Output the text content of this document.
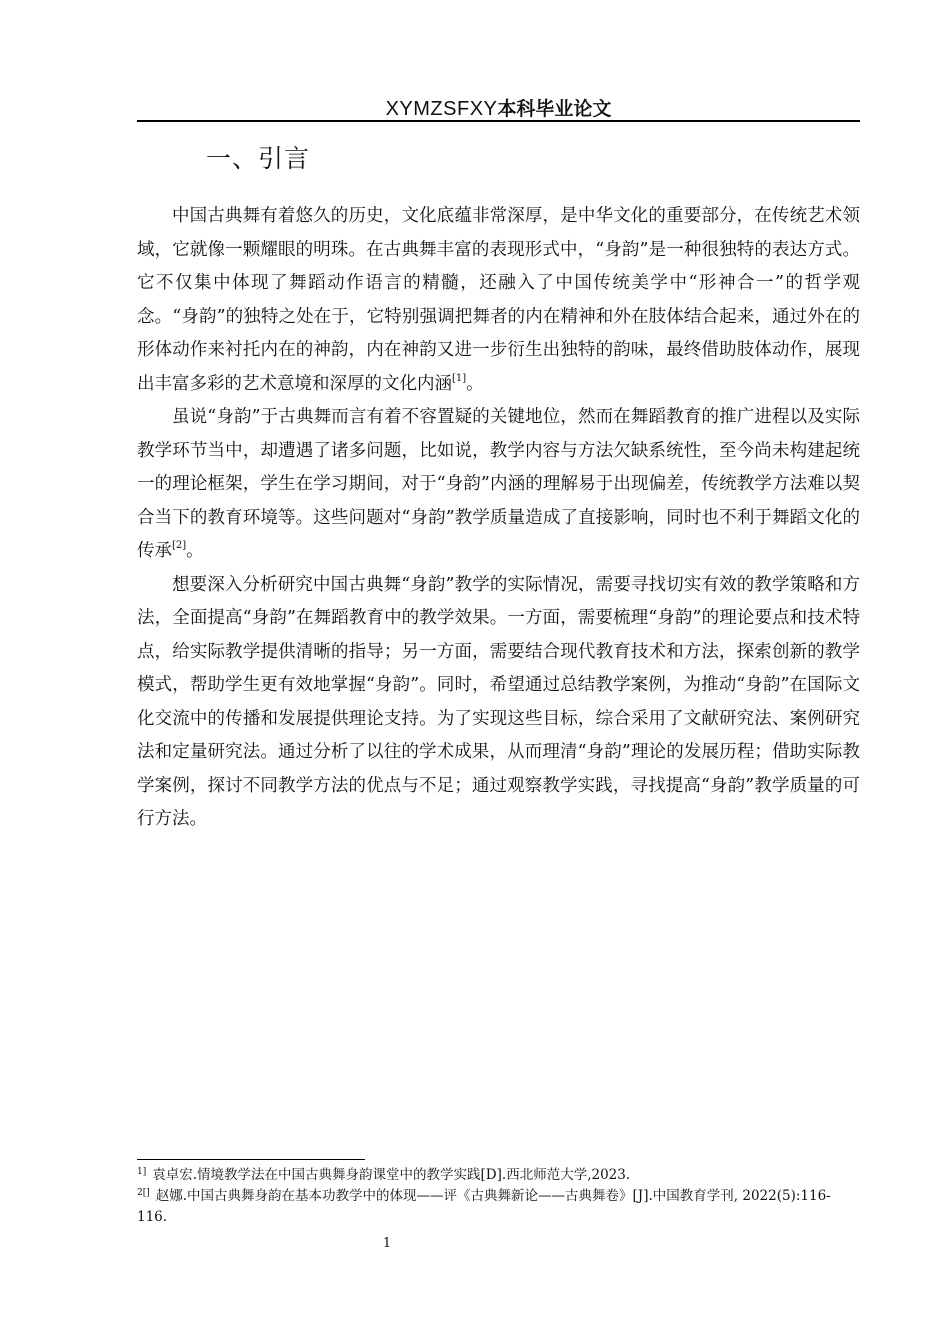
XYMZSFXY本科毕业论文
一、引言

中国古典舞有着悠久的历史，文化底蕴非常深厚，是中华文化的重要部分，在传统艺术领域，它就像一颗耀眼的明珠。在古典舞丰富的表现形式中，“身韵”是一种很独特的表达方式。它不仅集中体现了舞蹈动作语言的精髓，还融入了中国传统美学中“形神合一”的哲学观念。“身韵”的独特之处在于，它特别强调把舞者的内在精神和外在肢体结合起来，通过外在的形体动作来衬托内在的神韵，内在神韵又进一步衍生出独特的韵味，最终借助肢体动作，展现出丰富多彩的艺术意境和深厚的文化内涵[1]。

虽说“身韵”于古典舞而言有着不容置疑的关键地位，然而在舞蹈教育的推广进程以及实际教学环节当中，却遭遇了诸多问题，比如说，教学内容与方法欠缺系统性，至今尚未构建起统一的理论框架，学生在学习期间，对于“身韵”内涵的理解易于出现偏差，传统教学方法难以契合当下的教育环境等。这些问题对“身韵”教学质量造成了直接影响，同时也不利于舞蹈文化的传承[2]。

想要深入分析研究中国古典舞“身韵”教学的实际情况，需要寻找切实有效的教学策略和方法，全面提高“身韵”在舞蹈教育中的教学效果。一方面，需要梳理“身韵”的理论要点和技术特点，给实际教学提供清晰的指导；另一方面，需要结合现代教育技术和方法，探索创新的教学模式，帮助学生更有效地掌握“身韵”。同时，希望通过总结教学案例，为推动“身韵”在国际文化交流中的传播和发展提供理论支持。为了实现这些目标，综合采用了文献研究法、案例研究法和定量研究法。通过分析了以往的学术成果，从而理清“身韵”理论的发展历程；借助实际教学案例，探讨不同教学方法的优点与不足；通过观察教学实践，寻找提高“身韵”教学质量的可行方法。

$^{1]}$ 袁卓宏.情境教学法在中国古典舞身韵课堂中的教学实践[D].西北师范大学,2023.

$^{2[]}$ 赵娜.中国古典舞身韵在基本功教学中的体现——评《古典舞新论——古典舞卷》[J].中国教育学刊, 2022(5):116-116.

1
